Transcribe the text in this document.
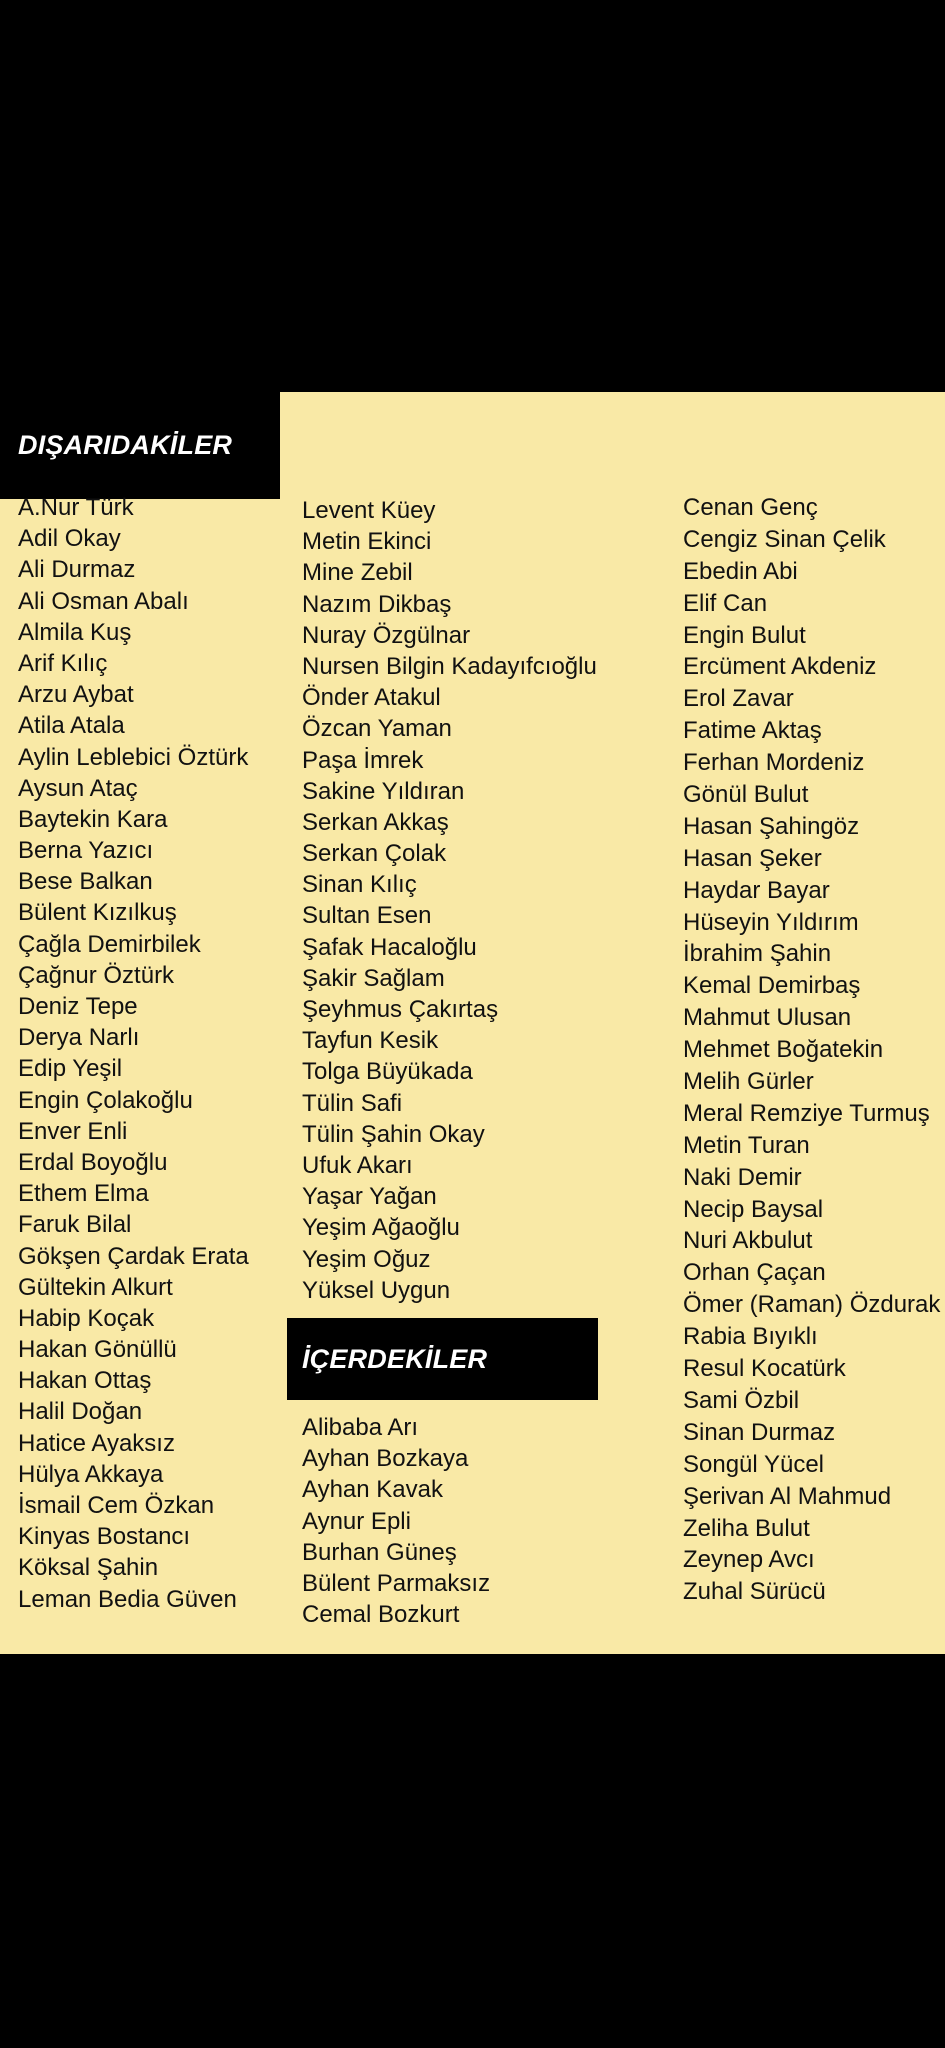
DIŞARIDAKİLER
A.Nur Türk
Adil Okay
Ali Durmaz
Ali Osman Abalı
Almila Kuş
Arif Kılıç
Arzu Aybat
Atila Atala
Aylin Leblebici Öztürk
Aysun Ataç
Baytekin Kara
Berna Yazıcı
Bese Balkan
Bülent Kızılkuş
Çağla Demirbilek
Çağnur Öztürk
Deniz Tepe
Derya Narlı
Edip Yeşil
Engin Çolakoğlu
Enver Enli
Erdal Boyoğlu
Ethem Elma
Faruk Bilal
Gökşen Çardak Erata
Gültekin Alkurt
Habip Koçak
Hakan Gönüllü
Hakan Ottaş
Halil Doğan
Hatice Ayaksız
Hülya Akkaya
İsmail Cem Özkan
Kinyas Bostancı
Köksal Şahin
Leman Bedia Güven
Levent Küey
Metin Ekinci
Mine Zebil
Nazım Dikbaş
Nuray Özgülnar
Nursen Bilgin Kadayıfcıoğlu
Önder Atakul
Özcan Yaman
Paşa İmrek
Sakine Yıldıran
Serkan Akkaş
Serkan Çolak
Sinan Kılıç
Sultan Esen
Şafak Hacaloğlu
Şakir Sağlam
Şeyhmus Çakırtaş
Tayfun Kesik
Tolga Büyükada
Tülin Safi
Tülin Şahin Okay
Ufuk Akarı
Yaşar Yağan
Yeşim Ağaoğlu
Yeşim Oğuz
Yüksel Uygun
İÇERDEKİLER
Alibaba Arı
Ayhan Bozkaya
Ayhan Kavak
Aynur Epli
Burhan Güneş
Bülent Parmaksız
Cemal Bozkurt
Cenan Genç
Cengiz Sinan Çelik
Ebedin Abi
Elif Can
Engin Bulut
Ercüment Akdeniz
Erol Zavar
Fatime Aktaş
Ferhan Mordeniz
Gönül Bulut
Hasan Şahingöz
Hasan Şeker
Haydar Bayar
Hüseyin Yıldırım
İbrahim Şahin
Kemal Demirbaş
Mahmut Ulusan
Mehmet Boğatekin
Melih Gürler
Meral Remziye Turmuş
Metin Turan
Naki Demir
Necip Baysal
Nuri Akbulut
Orhan Çaçan
Ömer (Raman) Özdurak
Rabia Bıyıklı
Resul Kocatürk
Sami Özbil
Sinan Durmaz
Songül Yücel
Şerivan Al Mahmud
Zeliha Bulut
Zeynep Avcı
Zuhal Sürücü
